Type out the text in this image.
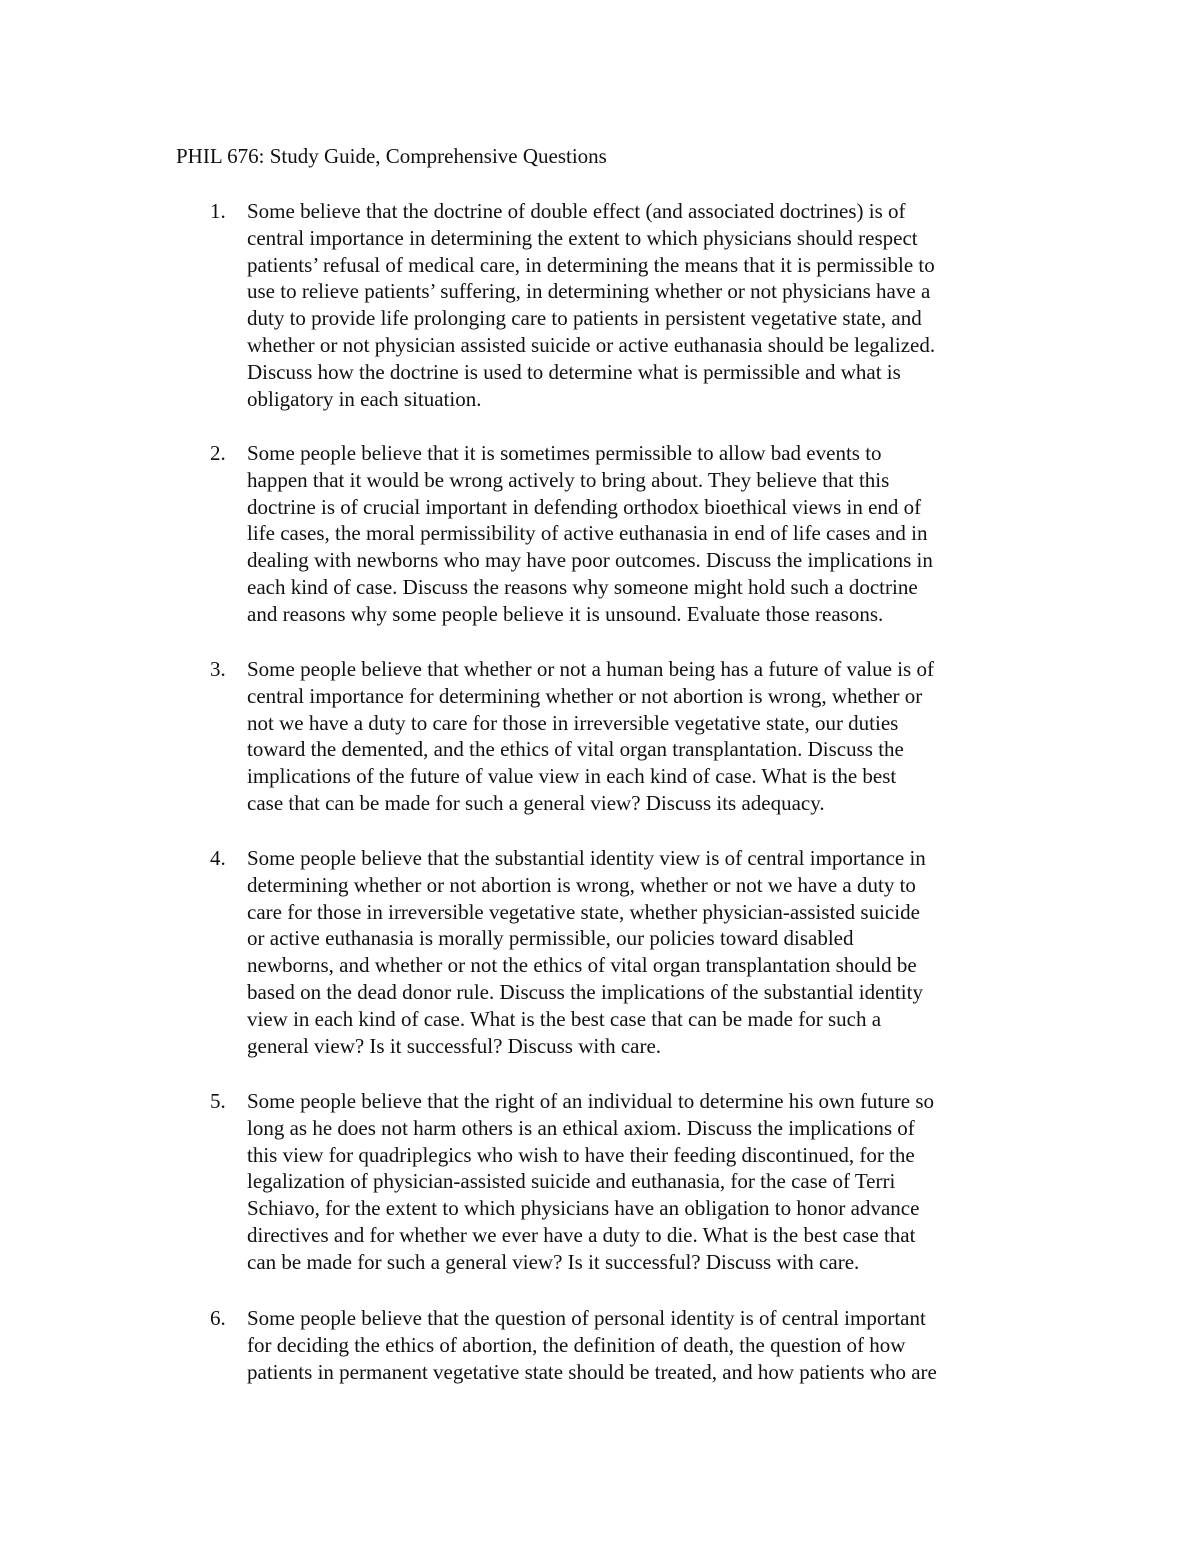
PHIL 676: Study Guide, Comprehensive Questions
1.	Some believe that the doctrine of double effect (and associated doctrines) is of
central importance in determining the extent to which physicians should respect
patients’ refusal of medical care, in determining the means that it is permissible to
use to relieve patients’ suffering, in determining whether or not physicians have a
duty to provide life prolonging care to patients in persistent vegetative state, and
whether or not physician assisted suicide or active euthanasia should be legalized.
Discuss how the doctrine is used to determine what is permissible and what is
obligatory in each situation.
2.	Some people believe that it is sometimes permissible to allow bad events to
happen that it would be wrong actively to bring about. They believe that this
doctrine is of crucial important in defending orthodox bioethical views in end of
life cases, the moral permissibility of active euthanasia in end of life cases and in
dealing with newborns who may have poor outcomes. Discuss the implications in
each kind of case. Discuss the reasons why someone might hold such a doctrine
and reasons why some people believe it is unsound. Evaluate those reasons.
3.	Some people believe that whether or not a human being has a future of value is of
central importance for determining whether or not abortion is wrong, whether or
not we have a duty to care for those in irreversible vegetative state, our duties
toward the demented, and the ethics of vital organ transplantation. Discuss the
implications of the future of value view in each kind of case. What is the best
case that can be made for such a general view? Discuss its adequacy.
4.	Some people believe that the substantial identity view is of central importance in
determining whether or not abortion is wrong, whether or not we have a duty to
care for those in irreversible vegetative state, whether physician-assisted suicide
or active euthanasia is morally permissible, our policies toward disabled
newborns, and whether or not the ethics of vital organ transplantation should be
based on the dead donor rule. Discuss the implications of the substantial identity
view in each kind of case. What is the best case that can be made for such a
general view? Is it successful? Discuss with care.
5.	Some people believe that the right of an individual to determine his own future so
long as he does not harm others is an ethical axiom. Discuss the implications of
this view for quadriplegics who wish to have their feeding discontinued, for the
legalization of physician-assisted suicide and euthanasia, for the case of Terri
Schiavo, for the extent to which physicians have an obligation to honor advance
directives and for whether we ever have a duty to die. What is the best case that
can be made for such a general view? Is it successful? Discuss with care.
6.	Some people believe that the question of personal identity is of central important
for deciding the ethics of abortion, the definition of death, the question of how
patients in permanent vegetative state should be treated, and how patients who are
